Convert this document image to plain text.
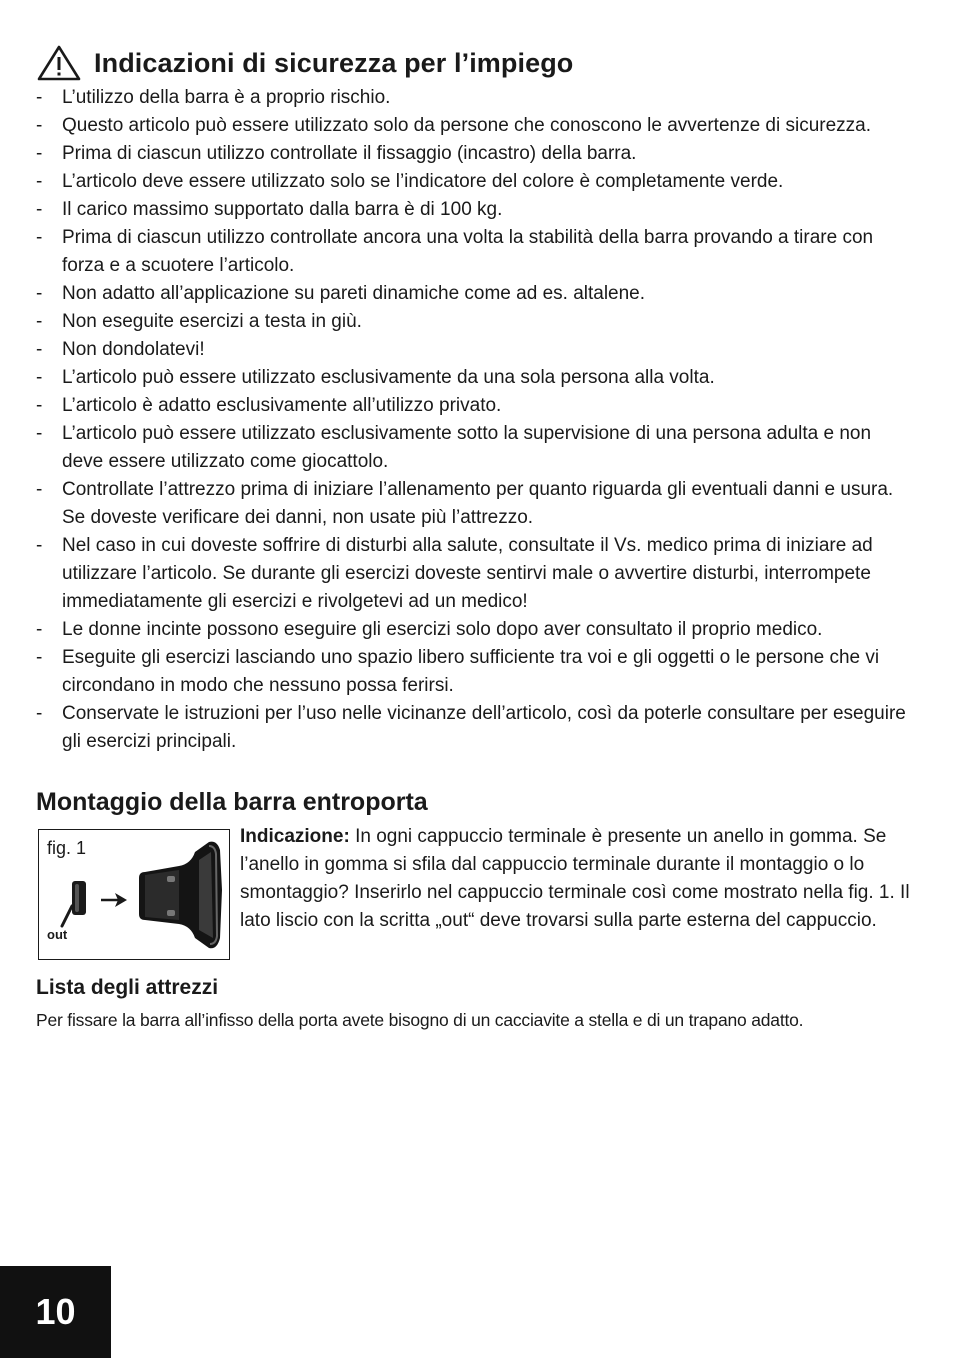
Indicazioni di sicurezza per l’impiego
- L’utilizzo della barra è a proprio rischio.
- Questo articolo può essere utilizzato solo da persone che conoscono le avvertenze di sicurezza.
- Prima di ciascun utilizzo controllate il fissaggio (incastro) della barra.
- L’articolo deve essere utilizzato solo se l’indicatore del colore è completamente verde.
- Il carico massimo supportato dalla barra è di 100 kg.
- Prima di ciascun utilizzo controllate ancora una volta la stabilità della barra provando a tirare con forza e a scuotere l’articolo.
- Non adatto all’applicazione su pareti dinamiche come ad es. altalene.
- Non eseguite esercizi a testa in giù.
- Non dondolatevi!
- L’articolo può essere utilizzato esclusivamente da una sola persona alla volta.
- L’articolo è adatto esclusivamente all’utilizzo privato.
- L’articolo può essere utilizzato esclusivamente sotto la supervisione di una persona adulta e non deve essere utilizzato come giocattolo.
- Controllate l’attrezzo prima di iniziare l’allenamento per quanto riguarda gli eventuali danni e usura. Se doveste verificare dei danni, non usate più l’attrezzo.
- Nel caso in cui doveste soffrire di disturbi alla salute, consultate il Vs. medico prima di iniziare ad utilizzare l’articolo. Se durante gli esercizi doveste sentirvi male o avvertire disturbi, interrompete immediatamente gli esercizi e rivolgetevi ad un medico!
- Le donne incinte possono eseguire gli esercizi solo dopo aver consultato il proprio medico.
- Eseguite gli esercizi lasciando uno spazio libero sufficiente tra voi e gli oggetti o le persone che vi circondano in modo che nessuno possa ferirsi.
- Conservate le istruzioni per l’uso nelle vicinanze dell’articolo, così da poterle consultare per eseguire gli esercizi principali.
Montaggio della barra entroporta
fig. 1
out

Indicazione: In ogni cappuccio terminale è presente un anello in gomma. Se l’anello in gomma si sfila dal cappuccio terminale durante il montaggio o lo smontaggio? Inserirlo nel cappuccio terminale così come mostrato nella fig. 1. Il lato liscio con la scritta „out“ deve trovarsi sulla parte esterna del cappuccio.

Lista degli attrezzi

Per fissare la barra all’infisso della porta avete bisogno di un cacciavite a stella e di un trapano adatto.

10
